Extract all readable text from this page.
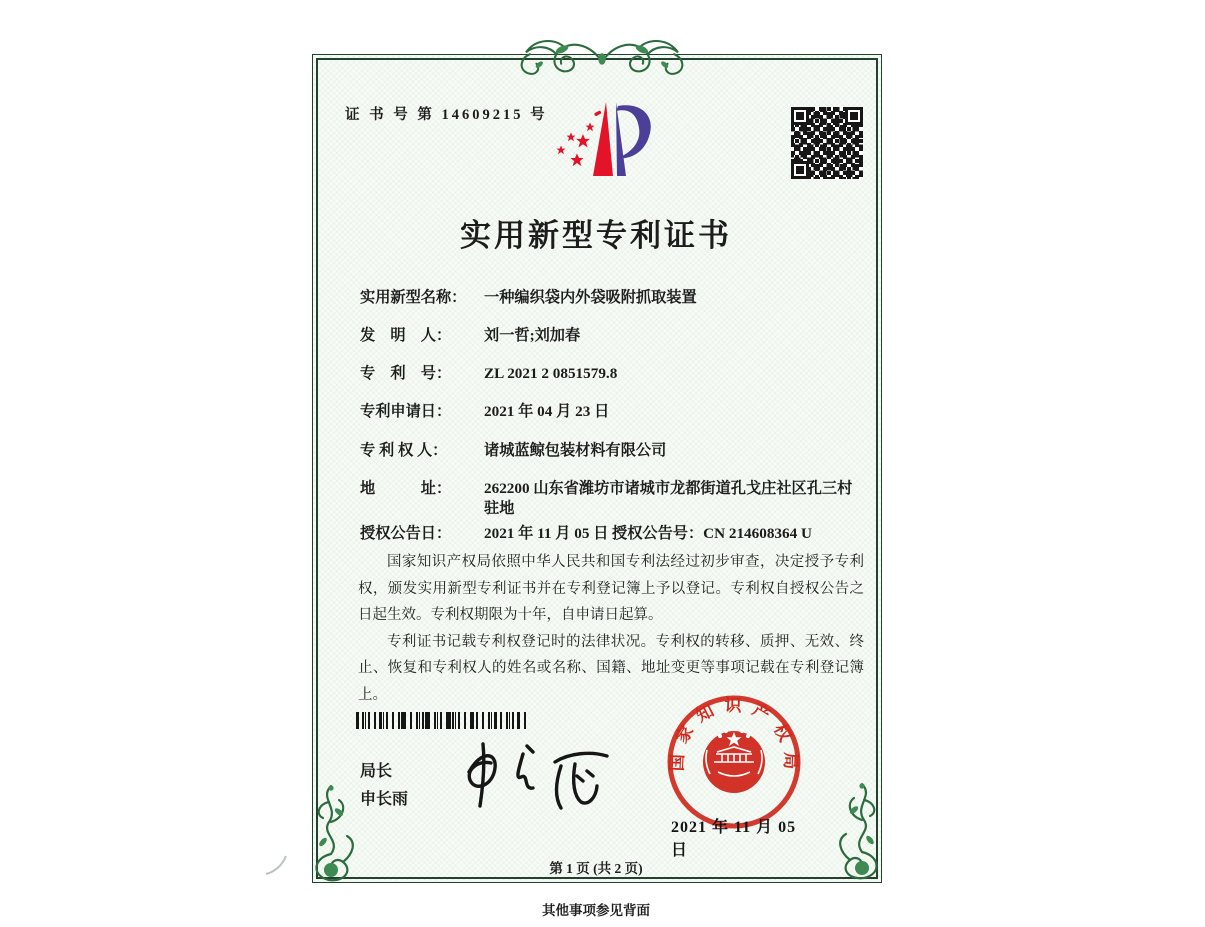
证 书 号 第 14609215 号
实用新型专利证书
实用新型名称： 一种编织袋内外袋吸附抓取装置
发　明　人： 刘一哲;刘加春
专　利　号： ZL 2021 2 0851579.8
专利申请日： 2021 年 04 月 23 日
专 利 权 人： 诸城蓝鲸包装材料有限公司
地　　　址： 262200 山东省潍坊市诸城市龙都街道孔戈庄社区孔三村
驻地
授权公告日： 2021 年 11 月 05 日 授权公告号：CN 214608364 U

国家知识产权局依照中华人民共和国专利法经过初步审查，决定授予专利权，颁发实用新型专利证书并在专利登记簿上予以登记。专利权自授权公告之日起生效。专利权期限为十年，自申请日起算。

专利证书记载专利权登记时的法律状况。专利权的转移、质押、无效、终止、恢复和专利权人的姓名或名称、国籍、地址变更等事项记载在专利登记簿上。

局长
申长雨
国家知识产权局
2021 年 11 月 05 日
第 1 页 (共 2 页)
其他事项参见背面
